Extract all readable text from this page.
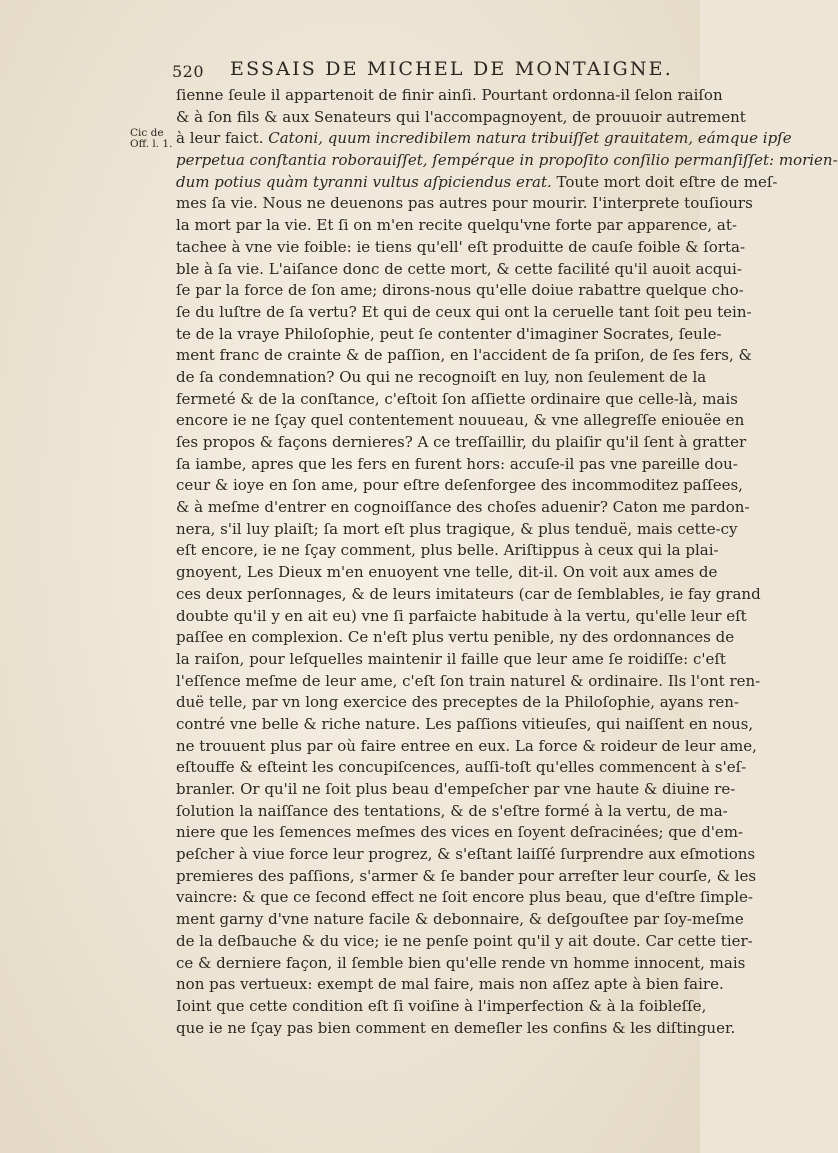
520 ESSAIS DE MICHEL DE MONTAIGNE.
Cic de
Off. l. 1.
ſienne ſeule il appartenoit de finir ainſi. Pourtant ordonna-il ſelon raiſon
& à ſon fils & aux Senateurs qui l'accompagnoyent, de prouuoir autrement
à leur faict. Catoni, quum incredibilem natura tribuiſſet grauitatem, eámque ipſe
perpetua conſtantia roborauiſſet, ſempérque in propoſito conſilio permanſiſſet: morien-
dum potius quàm tyranni vultus aſpiciendus erat. Toute mort doit eſtre de meſ-
mes ſa vie. Nous ne deuenons pas autres pour mourir. I'interprete touſiours
la mort par la vie. Et ſi on m'en recite quelqu'vne forte par apparence, at-
tachee à vne vie foible: ie tiens qu'ell' eſt produitte de cauſe foible & ſorta-
ble à ſa vie. L'aiſance donc de cette mort, & cette facilité qu'il auoit acqui-
ſe par la force de ſon ame; dirons-nous qu'elle doiue rabattre quelque cho-
ſe du luſtre de ſa vertu? Et qui de ceux qui ont la ceruelle tant ſoit peu tein-
te de la vraye Philoſophie, peut ſe contenter d'imaginer Socrates, ſeule-
ment franc de crainte & de paſſion, en l'accident de ſa priſon, de ſes fers, &
de ſa condemnation? Ou qui ne recognoiſt en luy, non ſeulement de la
fermeté & de la conſtance, c'eſtoit ſon aſſiette ordinaire que celle-là, mais
encore ie ne ſçay quel contentement nouueau, & vne allegreſſe eniouëe en
ſes propos & façons dernieres? A ce treſſaillir, du plaiſir qu'il ſent à gratter
ſa iambe, apres que les fers en furent hors: accuſe-il pas vne pareille dou-
ceur & ioye en ſon ame, pour eſtre deſenforgee des incommoditez paſſees,
& à meſme d'entrer en cognoiſſance des choſes aduenir? Caton me pardon-
nera, s'il luy plaiſt; ſa mort eſt plus tragique, & plus tenduë, mais cette-cy
eſt encore, ie ne ſçay comment, plus belle. Ariſtippus à ceux qui la plai-
gnoyent, Les Dieux m'en enuoyent vne telle, dit-il. On voit aux ames de
ces deux perſonnages, & de leurs imitateurs (car de ſemblables, ie fay grand
doubte qu'il y en ait eu) vne ſi parfaicte habitude à la vertu, qu'elle leur eſt
paſſee en complexion. Ce n'eſt plus vertu penible, ny des ordonnances de
la raiſon, pour leſquelles maintenir il faille que leur ame ſe roidiſſe: c'eſt
l'eſſence meſme de leur ame, c'eſt ſon train naturel & ordinaire. Ils l'ont ren-
duë telle, par vn long exercice des preceptes de la Philoſophie, ayans ren-
contré vne belle & riche nature. Les paſſions vitieuſes, qui naiſſent en nous,
ne trouuent plus par où faire entree en eux. La force & roideur de leur ame,
eſtouffe & eſteint les concupiſcences, auſſi-toſt qu'elles commencent à s'eſ-
branler. Or qu'il ne ſoit plus beau d'empeſcher par vne haute & diuine re-
ſolution la naiſſance des tentations, & de s'eſtre formé à la vertu, de ma-
niere que les ſemences meſmes des vices en ſoyent deſracinées; que d'em-
peſcher à viue force leur progrez, & s'eſtant laiſſé ſurprendre aux eſmotions
premieres des paſſions, s'armer & ſe bander pour arreſter leur courſe, & les
vaincre: & que ce ſecond effect ne ſoit encore plus beau, que d'eſtre ſimple-
ment garny d'vne nature facile & debonnaire, & deſgouſtee par ſoy-meſme
de la deſbauche & du vice; ie ne penſe point qu'il y ait doute. Car cette tier-
ce & derniere façon, il ſemble bien qu'elle rende vn homme innocent, mais
non pas vertueux: exempt de mal faire, mais non aſſez apte à bien faire.
Ioint que cette condition eſt ſi voiſine à l'imperfection & à la foibleſſe,
que ie ne ſçay pas bien comment en demeſler les confins & les diſtinguer.
